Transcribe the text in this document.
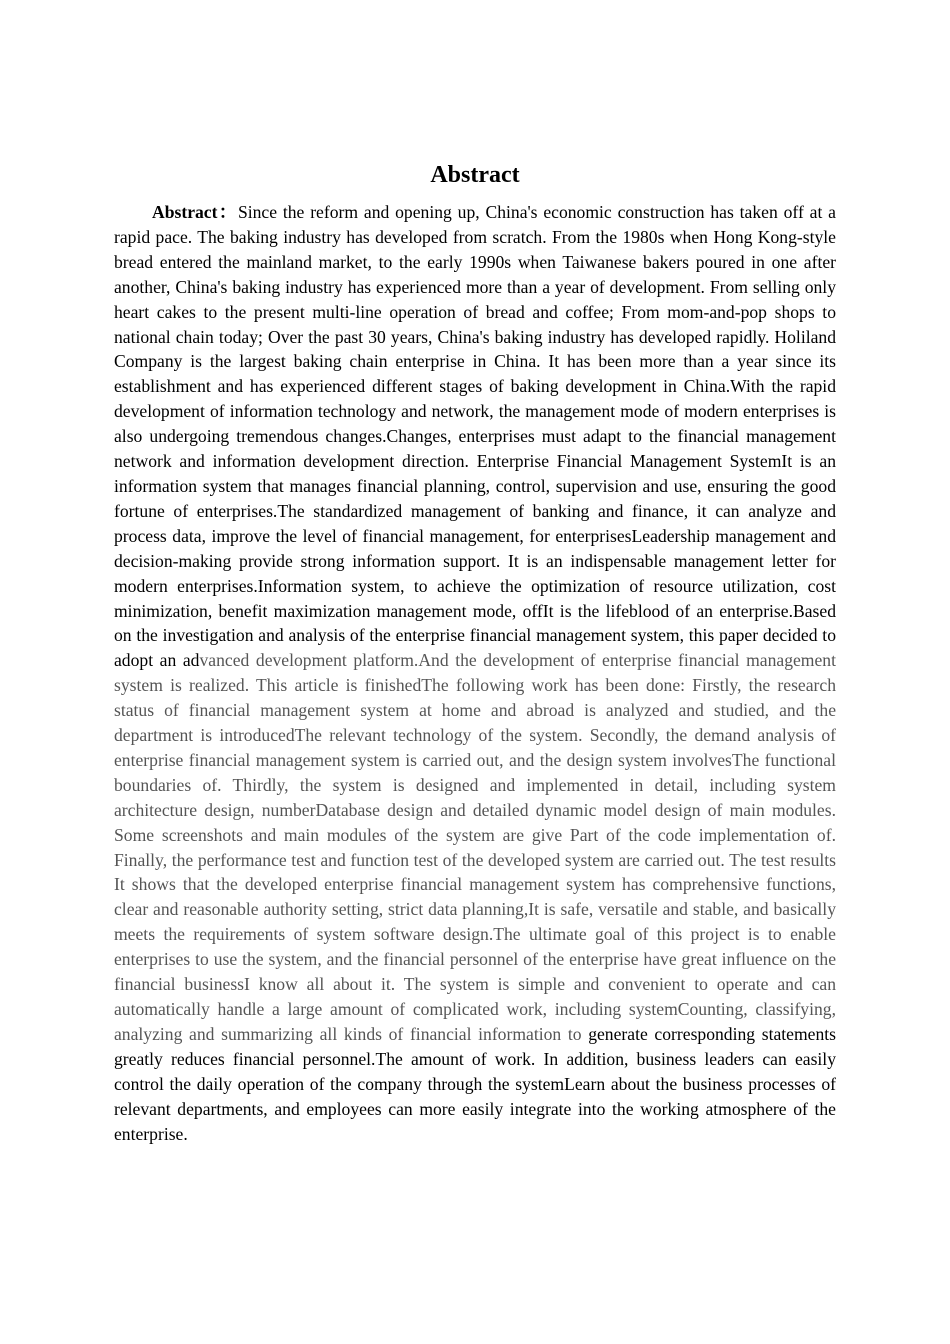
Abstract

Abstract：Since the reform and opening up, China's economic construction has taken off at a rapid pace. The baking industry has developed from scratch. From the 1980s when Hong Kong-style bread entered the mainland market, to the early 1990s when Taiwanese bakers poured in one after another, China's baking industry has experienced more than a year of development. From selling only heart cakes to the present multi-line operation of bread and coffee; From mom-and-pop shops to national chain today; Over the past 30 years, China's baking industry has developed rapidly. Holiland Company is the largest baking chain enterprise in China. It has been more than a year since its establishment and has experienced different stages of baking development in China.With the rapid development of information technology and network, the management mode of modern enterprises is also undergoing tremendous changes.Changes, enterprises must adapt to the financial management network and information development direction. Enterprise Financial Management SystemIt is an information system that manages financial planning, control, supervision and use, ensuring the good fortune of enterprises.The standardized management of banking and finance, it can analyze and process data, improve the level of financial management, for enterprisesLeadership management and decision-making provide strong information support. It is an indispensable management letter for modern enterprises.Information system, to achieve the optimization of resource utilization, cost minimization, benefit maximization management mode, offIt is the lifeblood of an enterprise.Based on the investigation and analysis of the enterprise financial management system, this paper decided to adopt an advanced development platform.And the development of enterprise financial management system is realized. This article is finishedThe following work has been done: Firstly, the research status of financial management system at home and abroad is analyzed and studied, and the department is introducedThe relevant technology of the system. Secondly, the demand analysis of enterprise financial management system is carried out, and the design system involvesThe functional boundaries of. Thirdly, the system is designed and implemented in detail, including system architecture design, numberDatabase design and detailed dynamic model design of main modules. Some screenshots and main modules of the system are give Part of the code implementation of. Finally, the performance test and function test of the developed system are carried out. The test results It shows that the developed enterprise financial management system has comprehensive functions, clear and reasonable authority setting, strict data planning,It is safe, versatile and stable, and basically meets the requirements of system software design.The ultimate goal of this project is to enable enterprises to use the system, and the financial personnel of the enterprise have great influence on the financial businessI know all about it. The system is simple and convenient to operate and can automatically handle a large amount of complicated work, including systemCounting, classifying, analyzing and summarizing all kinds of financial information to generate corresponding statements greatly reduces financial personnel.The amount of work. In addition, business leaders can easily control the daily operation of the company through the systemLearn about the business processes of relevant departments, and employees can more easily integrate into the working atmosphere of the enterprise.
